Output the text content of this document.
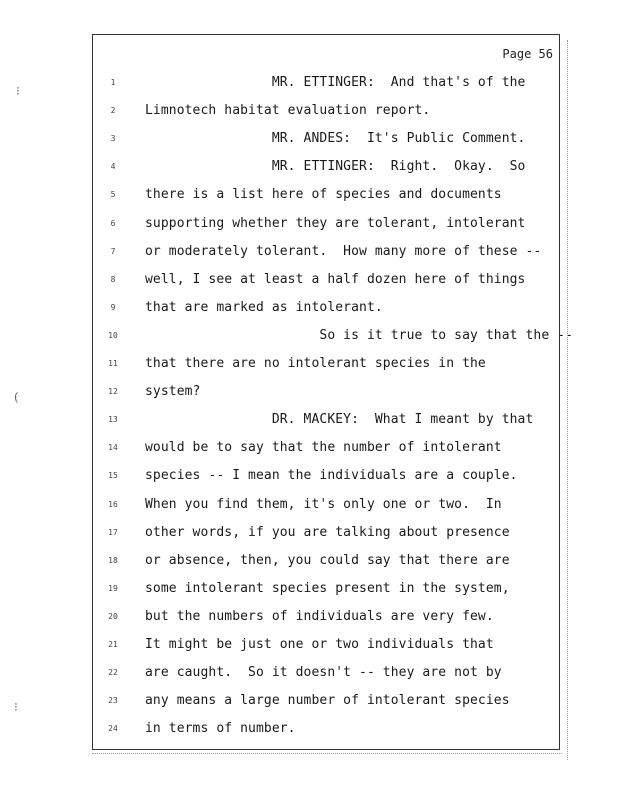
Page 56
1	MR. ETTINGER:  And that's of the
2	Limnotech habitat evaluation report.
3	MR. ANDES:  It's Public Comment.
4	MR. ETTINGER:  Right.  Okay.  So
5	there is a list here of species and documents
6	supporting whether they are tolerant, intolerant
7	or moderately tolerant.  How many more of these --
8	well, I see at least a half dozen here of things
9	that are marked as intolerant.
10	So is it true to say that the --
11	that there are no intolerant species in the
12	system?
13	DR. MACKEY:  What I meant by that
14	would be to say that the number of intolerant
15	species -- I mean the individuals are a couple.
16	When you find them, it's only one or two.  In
17	other words, if you are talking about presence
18	or absence, then, you could say that there are
19	some intolerant species present in the system,
20	but the numbers of individuals are very few.
21	It might be just one or two individuals that
22	are caught.  So it doesn't -- they are not by
23	any means a large number of intolerant species
24	in terms of number.
⁝
(
⁝
